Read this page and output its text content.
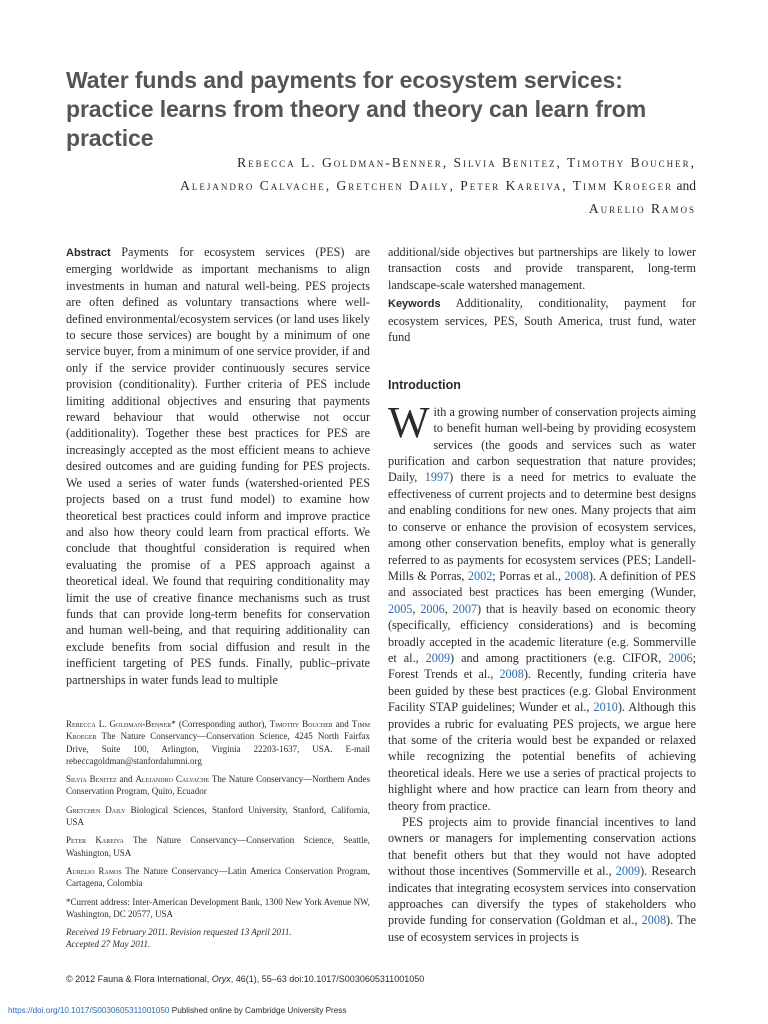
Water funds and payments for ecosystem services: practice learns from theory and theory can learn from practice
Rebecca L. Goldman-Benner, Silvia Benitez, Timothy Boucher,
Alejandro Calvache, Gretchen Daily, Peter Kareiva, Timm Kroeger and
Aurelio Ramos
Abstract Payments for ecosystem services (PES) are emerging worldwide as important mechanisms to align investments in human and natural well-being. PES projects are often defined as voluntary transactions where well-defined environmental/ecosystem services (or land uses likely to secure those services) are bought by a minimum of one service buyer, from a minimum of one service provider, if and only if the service provider continuously secures service provision (conditionality). Further criteria of PES include limiting additional objectives and ensuring that payments reward behaviour that would otherwise not occur (additionality). Together these best practices for PES are increasingly accepted as the most efficient means to achieve desired outcomes and are guiding funding for PES projects. We used a series of water funds (watershed-oriented PES projects based on a trust fund model) to examine how theoretical best practices could inform and improve practice and also how theory could learn from practical efforts. We conclude that thoughtful consideration is required when evaluating the promise of a PES approach against a theoretical ideal. We found that requiring conditionality may limit the use of creative finance mechanisms such as trust funds that can provide long-term benefits for conservation and human well-being, and that requiring additionality can exclude benefits from social diffusion and result in the inefficient targeting of PES funds. Finally, public–private partnerships in water funds lead to multiple

Rebecca L. Goldman-Benner* (Corresponding author), Timothy Boucher and Timm Kroeger The Nature Conservancy—Conservation Science, 4245 North Fairfax Drive, Suite 100, Arlington, Virginia 22203-1637, USA. E-mail rebeccagoldman@stanfordalumni.org

Silvia Benitez and Alejandro Calvache The Nature Conservancy—Northern Andes Conservation Program, Quito, Ecuador

Gretchen Daily Biological Sciences, Stanford University, Stanford, California, USA

Peter Kareiva The Nature Conservancy—Conservation Science, Seattle, Washington, USA

Aurelio Ramos The Nature Conservancy—Latin America Conservation Program, Cartagena, Colombia

*Current address: Inter-American Development Bank, 1300 New York Avenue NW, Washington, DC 20577, USA

Received 19 February 2011. Revision requested 13 April 2011.
Accepted 27 May 2011.

additional/side objectives but partnerships are likely to lower transaction costs and provide transparent, long-term landscape-scale watershed management.

Keywords Additionality, conditionality, payment for ecosystem services, PES, South America, trust fund, water fund

Introduction

With a growing number of conservation projects aiming to benefit human well-being by providing ecosystem services (the goods and services such as water purification and carbon sequestration that nature provides; Daily, 1997) there is a need for metrics to evaluate the effectiveness of current projects and to determine best designs and enabling conditions for new ones. Many projects that aim to conserve or enhance the provision of ecosystem services, among other conservation benefits, employ what is generally referred to as payments for ecosystem services (PES; Landell-Mills & Porras, 2002; Porras et al., 2008). A definition of PES and associated best practices has been emerging (Wunder, 2005, 2006, 2007) that is heavily based on economic theory (specifically, efficiency considerations) and is becoming broadly accepted in the academic literature (e.g. Sommerville et al., 2009) and among practitioners (e.g. CIFOR, 2006; Forest Trends et al., 2008). Recently, funding criteria have been guided by these best practices (e.g. Global Environment Facility STAP guidelines; Wunder et al., 2010). Although this provides a rubric for evaluating PES projects, we argue here that some of the criteria would best be expanded or relaxed while recognizing the potential benefits of achieving theoretical ideals. Here we use a series of practical projects to highlight where and how practice can learn from theory and theory from practice.

PES projects aim to provide financial incentives to land owners or managers for implementing conservation actions that benefit others but that they would not have adopted without those incentives (Sommerville et al., 2009). Research indicates that integrating ecosystem services into conservation approaches can diversify the types of stakeholders who provide funding for conservation (Goldman et al., 2008). The use of ecosystem services in projects is

© 2012 Fauna & Flora International, Oryx, 46(1), 55–63 doi:10.1017/S0030605311001050
https://doi.org/10.1017/S0030605311001050 Published online by Cambridge University Press
